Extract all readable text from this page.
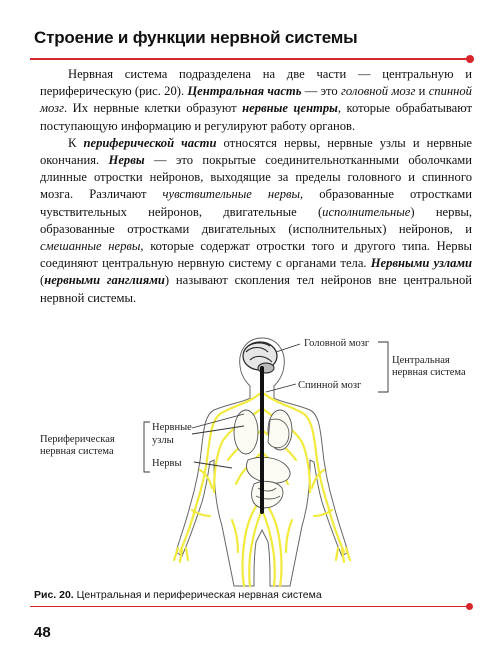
Строение и функции нервной системы

Нервная система подразделена на две части — центральную и периферическую (рис. 20). Центральная часть — это головной мозг и спинной мозг. Их нервные клетки образуют нервные центры, которые обрабатывают поступающую информацию и регулируют работу органов.

К периферической части относятся нервы, нервные узлы и нервные окончания. Нервы — это покрытые соединительнотканными оболочками длинные отростки нейронов, выходящие за пределы головного и спинного мозга. Различают чувствительные нервы, образованные отростками чувствительных нейронов, двигательные (исполнительные) нервы, образованные отростками двигательных (исполнительных) нейронов, и смешанные нервы, которые содержат отростки того и другого типа. Нервы соединяют центральную нервную систему с органами тела. Нервными узлами (нервными ганглиями) называют скопления тел нейронов вне центральной нервной системы.

Головной мозг
Спинной мозг
Центральная
нервная система
Нервные
узлы
Нервы
Периферическая
нервная система
Рис. 20. Центральная и периферическая нервная система
48
